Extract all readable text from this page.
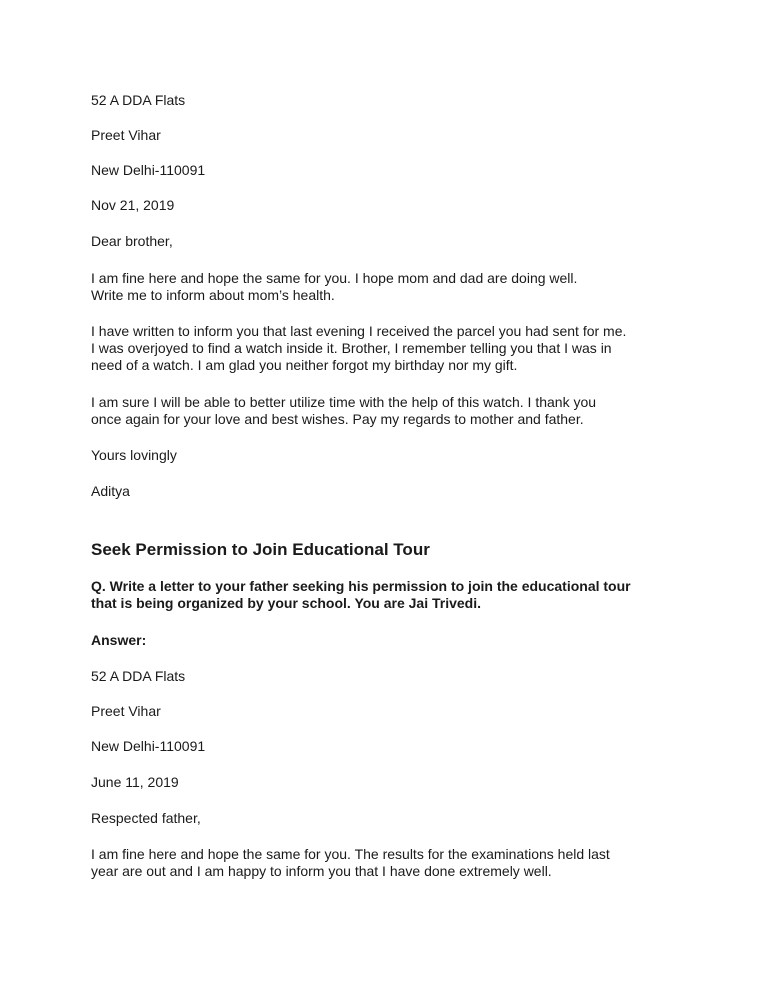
52 A DDA Flats

Preet Vihar

New Delhi-110091

Nov 21, 2019

Dear brother,

I am fine here and hope the same for you. I hope mom and dad are doing well.
Write me to inform about mom’s health.
I have written to inform you that last evening I received the parcel you had sent for me.
I was overjoyed to find a watch inside it. Brother, I remember telling you that I was in
need of a watch. I am glad you neither forgot my birthday nor my gift.
I am sure I will be able to better utilize time with the help of this watch. I thank you
once again for your love and best wishes. Pay my regards to mother and father.

Yours lovingly

Aditya

Seek Permission to Join Educational Tour
Q. Write a letter to your father seeking his permission to join the educational tour
that is being organized by your school. You are Jai Trivedi.

Answer:

52 A DDA Flats

Preet Vihar

New Delhi-110091

June 11, 2019

Respected father,

I am fine here and hope the same for you. The results for the examinations held last
year are out and I am happy to inform you that I have done extremely well.
